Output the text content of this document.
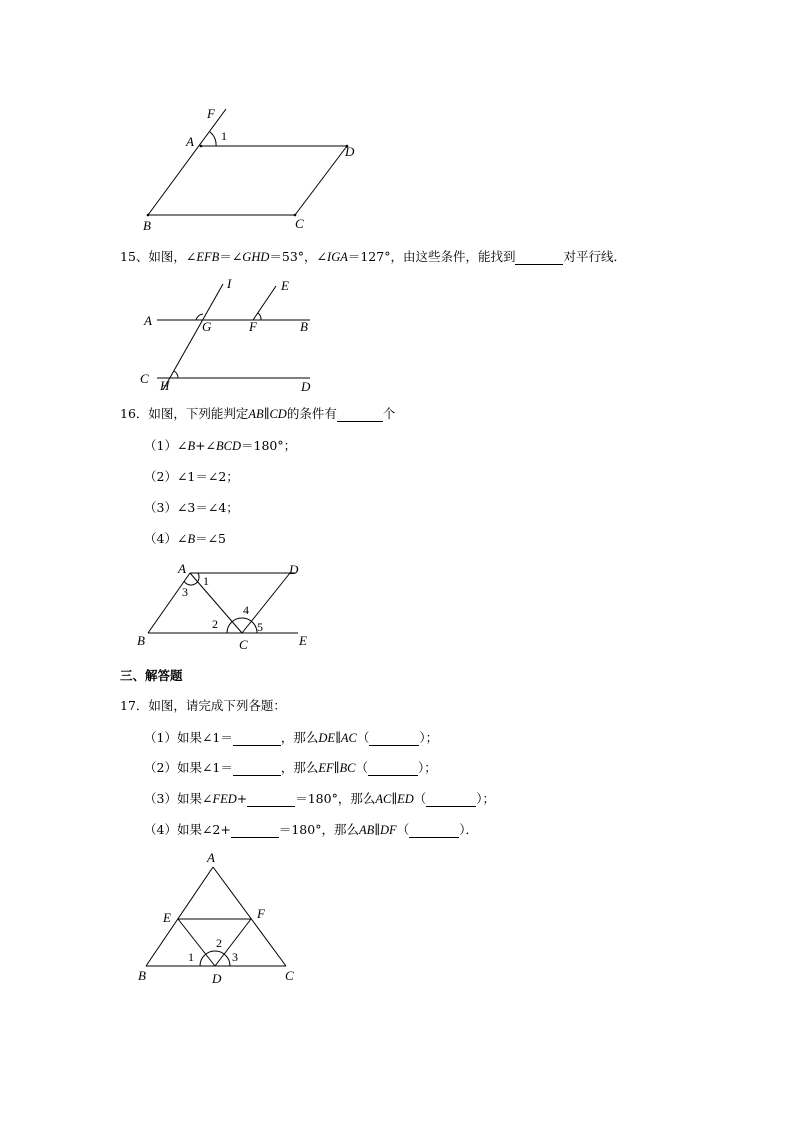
F
A 1
D
B	C
15、如图，∠EFB＝∠GHD＝53°，∠IGA＝127°，由这些条件，能找到	对平行线．
I	E
A	G	F	B
C H	D
16．如图，下列能判定AB∥CD的条件有	个
（1）∠B+∠BCD＝180°；
（2）∠1＝∠2；
（3）∠3＝∠4；
（4）∠B＝∠5
A	D
1
3
4
2	5
B	C	E
三、解答题
17．如图，请完成下列各题：
（1）如果∠1＝	，那么DE∥AC（	）；
（2）如果∠1＝	，那么EF∥BC（	）；
（3）如果∠FED+	＝180°，那么AC∥ED（	）；
（4）如果∠2+	＝180°，那么AB∥DF（	）．
A
E	F
2
1	3
B	D	C
